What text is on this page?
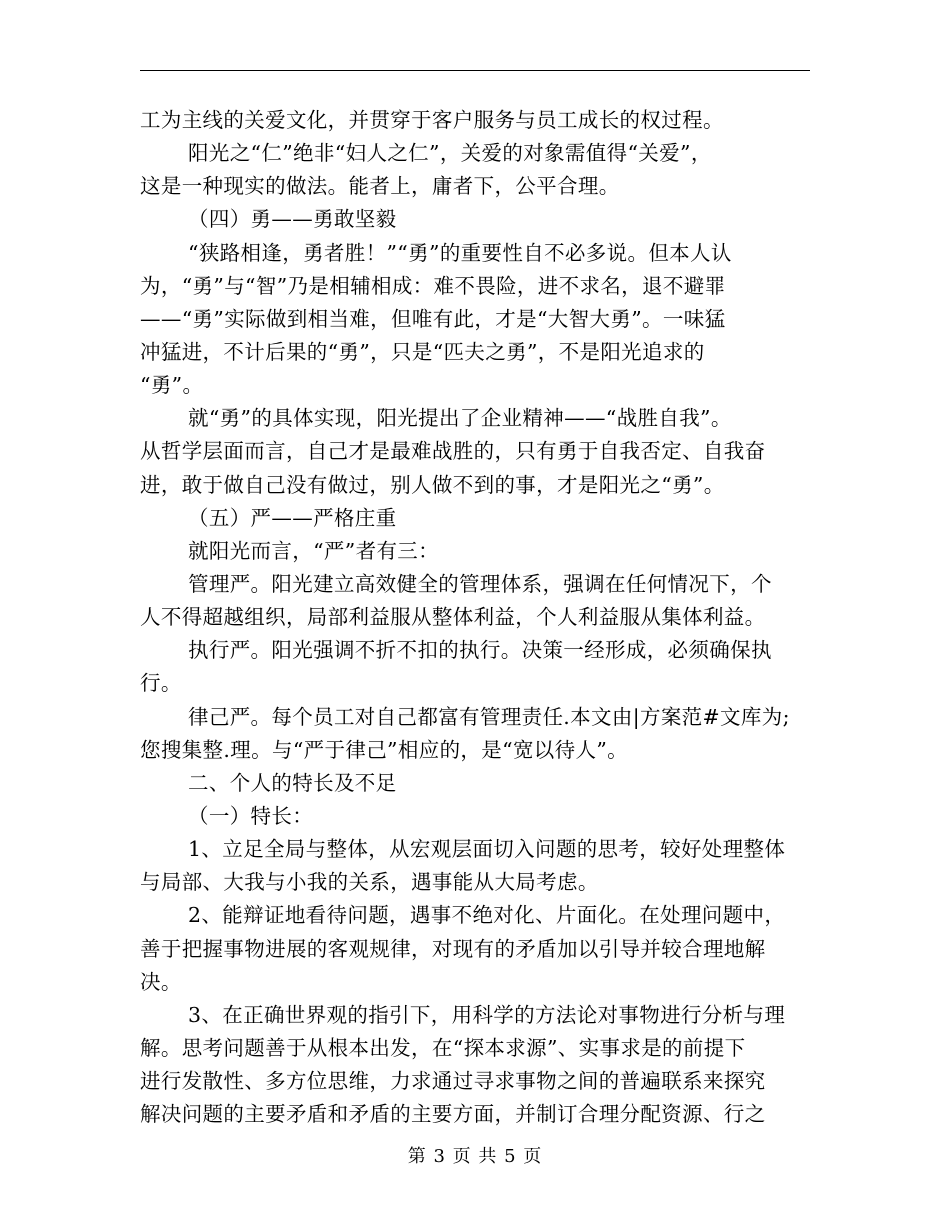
工为主线的关爱文化，并贯穿于客户服务与员工成长的权过程。
阳光之“仁”绝非“妇人之仁”，关爱的对象需值得“关爱”，
这是一种现实的做法。能者上，庸者下，公平合理。
（四）勇——勇敢坚毅
“狭路相逢，勇者胜！”“勇”的重要性自不必多说。但本人认
为，“勇”与“智”乃是相辅相成：难不畏险，进不求名，退不避罪
——“勇”实际做到相当难，但唯有此，才是“大智大勇”。一味猛
冲猛进，不计后果的“勇”，只是“匹夫之勇”，不是阳光追求的
“勇”。
就“勇”的具体实现，阳光提出了企业精神——“战胜自我”。
从哲学层面而言，自己才是最难战胜的，只有勇于自我否定、自我奋
进，敢于做自己没有做过，别人做不到的事，才是阳光之“勇”。
（五）严——严格庄重
就阳光而言，“严”者有三：
管理严。阳光建立高效健全的管理体系，强调在任何情况下，个
人不得超越组织，局部利益服从整体利益，个人利益服从集体利益。
执行严。阳光强调不折不扣的执行。决策一经形成，必须确保执
行。
律己严。每个员工对自己都富有管理责任.本文由|方案范#文库为;
您搜集整.理。与“严于律己”相应的，是“宽以待人”。
二、个人的特长及不足
（一）特长：
1、立足全局与整体，从宏观层面切入问题的思考，较好处理整体
与局部、大我与小我的关系，遇事能从大局考虑。
2、能辩证地看待问题，遇事不绝对化、片面化。在处理问题中，
善于把握事物进展的客观规律，对现有的矛盾加以引导并较合理地解
决。
3、在正确世界观的指引下，用科学的方法论对事物进行分析与理
解。思考问题善于从根本出发，在“探本求源”、实事求是的前提下
进行发散性、多方位思维，力求通过寻求事物之间的普遍联系来探究
解决问题的主要矛盾和矛盾的主要方面，并制订合理分配资源、行之
第 3 页 共 5 页
